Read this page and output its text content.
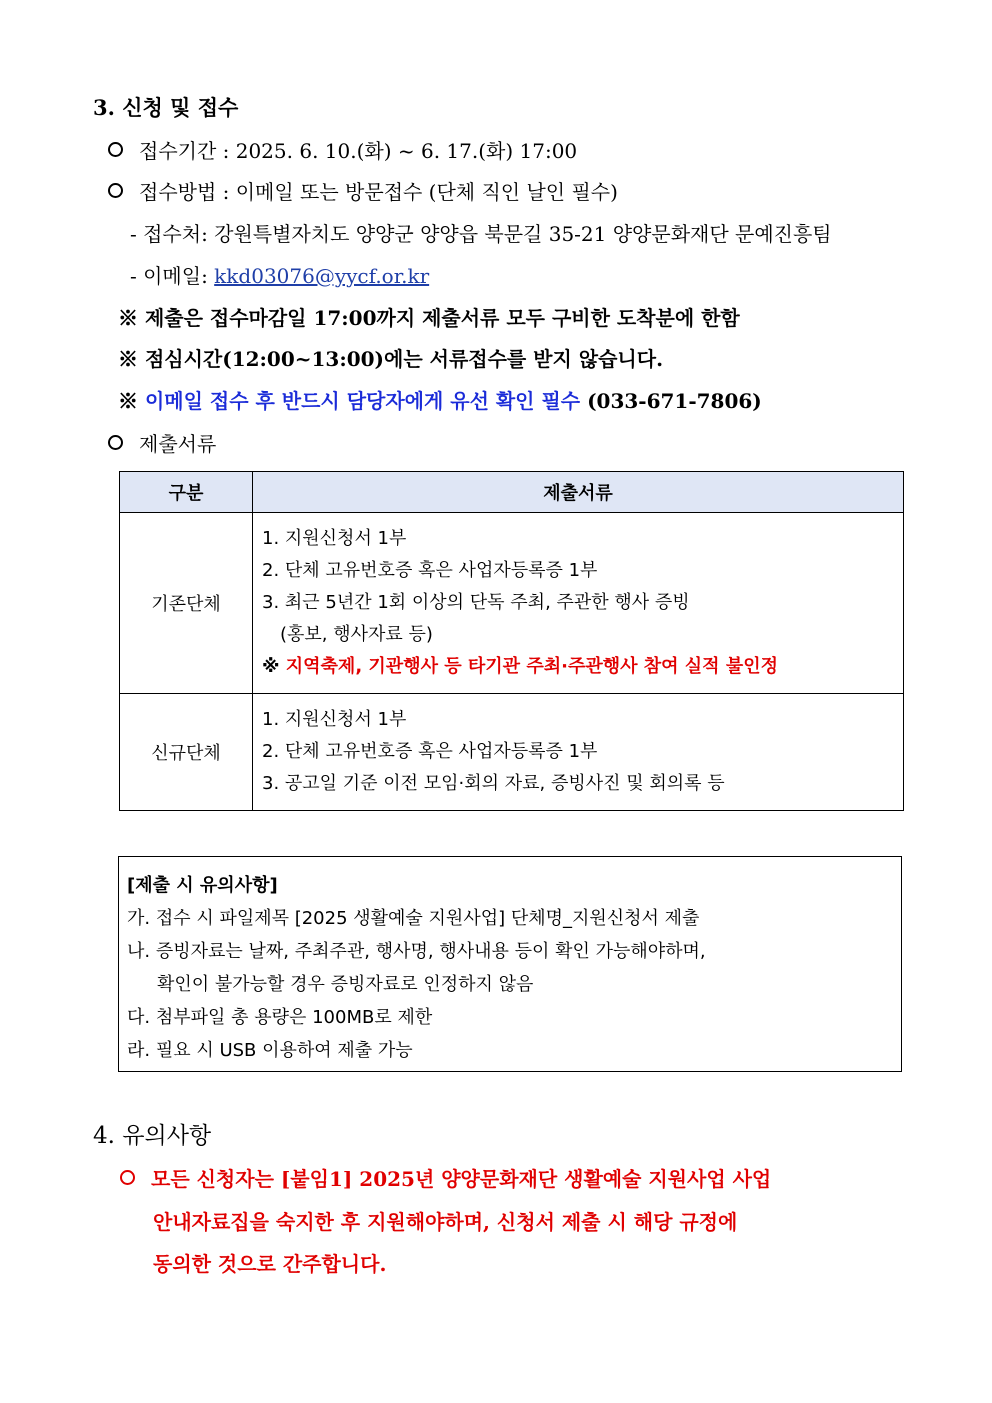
3. 신청 및 접수
접수기간 : 2025. 6. 10.(화) ~ 6. 17.(화) 17:00
접수방법 : 이메일 또는 방문접수 (단체 직인 날인 필수)
- 접수처: 강원특별자치도 양양군 양양읍 북문길 35-21 양양문화재단 문예진흥팀
- 이메일: kkd03076@yycf.or.kr
※ 제출은 접수마감일 17:00까지 제출서류 모두 구비한 도착분에 한함
※ 점심시간(12:00~13:00)에는 서류접수를 받지 않습니다.
※ 이메일 접수 후 반드시 담당자에게 유선 확인 필수 (033-671-7806)
제출서류
구분	제출서류
기존단체	1. 지원신청서 1부
2. 단체 고유번호증 혹은 사업자등록증 1부
3. 최근 5년간 1회 이상의 단독 주최, 주관한 행사 증빙
(홍보, 행사자료 등)
※ 지역축제, 기관행사 등 타기관 주최·주관행사 참여 실적 불인정

신규단체	1. 지원신청서 1부
2. 단체 고유번호증 혹은 사업자등록증 1부
3. 공고일 기준 이전 모임·회의 자료, 증빙사진 및 회의록 등
[제출 시 유의사항]
가. 접수 시 파일제목 [2025 생활예술 지원사업] 단체명_지원신청서 제출
나. 증빙자료는 날짜, 주최주관, 행사명, 행사내용 등이 확인 가능해야하며,
확인이 불가능할 경우 증빙자료로 인정하지 않음
다. 첨부파일 총 용량은 100MB로 제한
라. 필요 시 USB 이용하여 제출 가능
4. 유의사항
모든 신청자는 [붙임1] 2025년 양양문화재단 생활예술 지원사업 사업
안내자료집을 숙지한 후 지원해야하며, 신청서 제출 시 해당 규정에
동의한 것으로 간주합니다.
